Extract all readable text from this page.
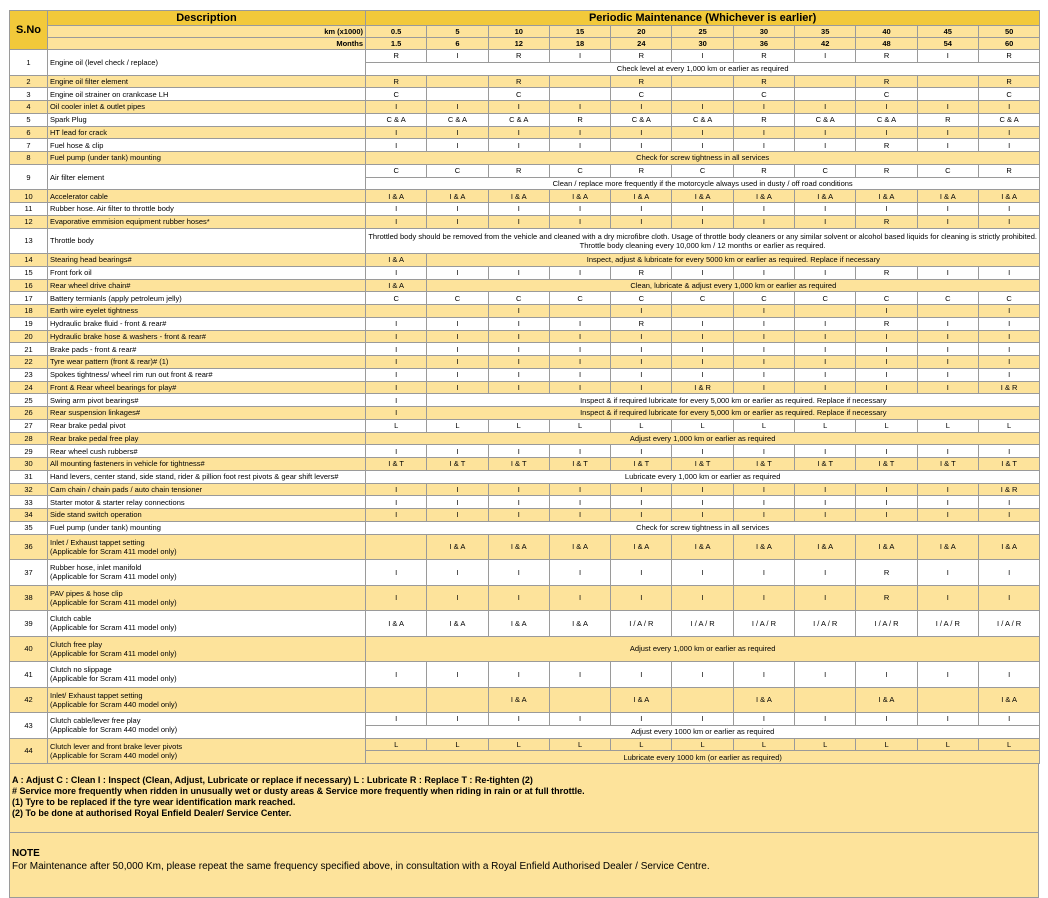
S.No	Description	Periodic Maintenance (Whichever is earlier)										
	km (x1000)	0.5	5	10	15	20	25	30	35	40	45	50
	Months	1.5	6	12	18	24	30	36	42	48	54	60
1	Engine oil (level check / replace)	R	I	R	I	R	I	R	I	R	I	R
		Check level at every 1,000 km or earlier as required										
2	Engine oil filter element	R		R		R		R		R		R
3	Engine oil strainer on crankcase LH	C		C		C		C		C		C
4	Oil cooler inlet & outlet pipes	I	I	I	I	I	I	I	I	I	I	I
5	Spark Plug	C & A	C & A	C & A	R	C & A	C & A	R	C & A	C & A	R	C & A
6	HT lead for crack	I	I	I	I	I	I	I	I	I	I	I
7	Fuel hose & clip	I	I	I	I	I	I	I	I	R	I	I
8	Fuel pump (under tank) mounting	Check for screw tightness in all services										
9	Air filter element	C	C	R	C	R	C	R	C	R	C	R
		Clean / replace more frequently if the motorcycle always used in dusty / off road conditions										
10	Accelerator cable	I & A	I & A	I & A	I & A	I & A	I & A	I & A	I & A	I & A	I & A	I & A
11	Rubber hose. Air filter to throttle body	I	I	I	I	I	I	I	I	I	I	I
12	Evaporative emmision equipment rubber hoses*	I	I	I	I	I	I	I	I	R	I	I
13	Throttle body	Throttled body should be removed from the vehicle and cleaned with a dry microfibre cloth. Usage of throttle body cleaners or any similar solvent or alcohol based liquids for cleaning is strictly prohibited. Throttle body cleaning every 10,000 km / 12 months or earlier as required.										
14	Stearing head bearings#	I & A	Inspect, adjust & lubricate for every 5000 km or earlier as required. Replace if necessary									
15	Front fork oil	I	I	I	I	R	I	I	I	R	I	I
16	Rear wheel drive chain#	I & A	Clean, lubricate & adjust every 1,000 km or earlier as required									
17	Battery termianls (apply petroleum jelly)	C	C	C	C	C	C	C	C	C	C	C
18	Earth wire eyelet tightness			I		I		I		I		I
19	Hydraulic brake fluid - front & rear#	I	I	I	I	R	I	I	I	R	I	I
20	Hydraulic brake hose & washers - front & rear#	I	I	I	I	I	I	I	I	I	I	I
21	Brake pads - front & rear#	I	I	I	I	I	I	I	I	I	I	I
22	Tyre wear pattern (front & rear)# (1)	I	I	I	I	I	I	I	I	I	I	I
23	Spokes tightness/ wheel rim run out front & rear#	I	I	I	I	I	I	I	I	I	I	I
24	Front & Rear wheel bearings for play#	I	I	I	I	I	I & R	I	I	I	I	I & R
25	Swing arm pivot bearings#	I	Inspect & if required lubricate for every 5,000 km or earlier as required. Replace if necessary									
26	Rear suspension linkages#	I	Inspect & if required lubricate for every 5,000 km or earlier as required. Replace if necessary									
27	Rear brake pedal pivot	L	L	L	L	L	L	L	L	L	L	L
28	Rear brake pedal free play	Adjust every 1,000 km or earlier as required										
29	Rear wheel cush rubbers#	I	I	I	I	I	I	I	I	I	I	I
30	All mounting fasteners in vehicle for tightness#	I & T	I & T	I & T	I & T	I & T	I & T	I & T	I & T	I & T	I & T	I & T
31	Hand levers, center stand, side stand, rider & pillion foot rest pivots & gear shift levers#	Lubricate every 1,000 km or earlier as required										
32	Cam chain / chain pads / auto chain tensioner	I	I	I	I	I	I	I	I	I	I	I & R
33	Starter motor & starter relay connections	I	I	I	I	I	I	I	I	I	I	I
34	Side stand switch operation	I	I	I	I	I	I	I	I	I	I	I
35	Fuel pump (under tank) mounting	Check for screw tightness in all services										
36	Inlet / Exhaust tappet setting
(Applicable for Scram 411 model only)		I & A	I & A	I & A	I & A	I & A	I & A	I & A	I & A	I & A	I & A
37	Rubber hose, inlet manifold
(Applicable for Scram 411 model only)	I	I	I	I	I	I	I	I	R	I	I
38	PAV pipes & hose clip
(Applicable for Scram 411 model only)	I	I	I	I	I	I	I	I	R	I	I
39	Clutch cable
(Applicable for Scram 411 model only)	I & A	I & A	I & A	I & A	I / A / R	I / A / R	I / A / R	I / A / R	I / A / R	I / A / R	I / A / R
40	Clutch free play
(Applicable for Scram 411 model only)	Adjust every 1,000 km or earlier as required										
41	Clutch no slippage
(Applicable for Scram 411 model only)	I	I	I	I	I	I	I	I	I	I	I
42	Inlet/ Exhaust tappet setting
(Applicable for Scram 440 model only)			I & A		I & A		I & A		I & A		I & A
43	Clutch cable/lever free play
(Applicable for Scram 440 model only)	I	I	I	I	I	I	I	I	I	I	I
		Adjust every 1000 km or earlier as required										
44	Clutch lever and front brake lever pivots
(Applicable for Scram 440 model only)	L	L	L	L	L	L	L	L	L	L	L
		Lubricate every 1000 km (or earlier as required)										
A : Adjust C : Clean I : Inspect (Clean, Adjust, Lubricate or replace if necessary) L : Lubricate R : Replace T : Re-tighten (2)
# Service more frequently when ridden in unusually wet or dusty areas & Service more frequently when riding in rain or at full throttle.
(1) Tyre to be replaced if the tyre wear identification mark reached.
(2) To be done at authorised Royal Enfield Dealer/ Service Center.
NOTE
For Maintenance after 50,000 Km, please repeat the same frequency specified above, in consultation with a Royal Enfield Authorised Dealer / Service Centre.
